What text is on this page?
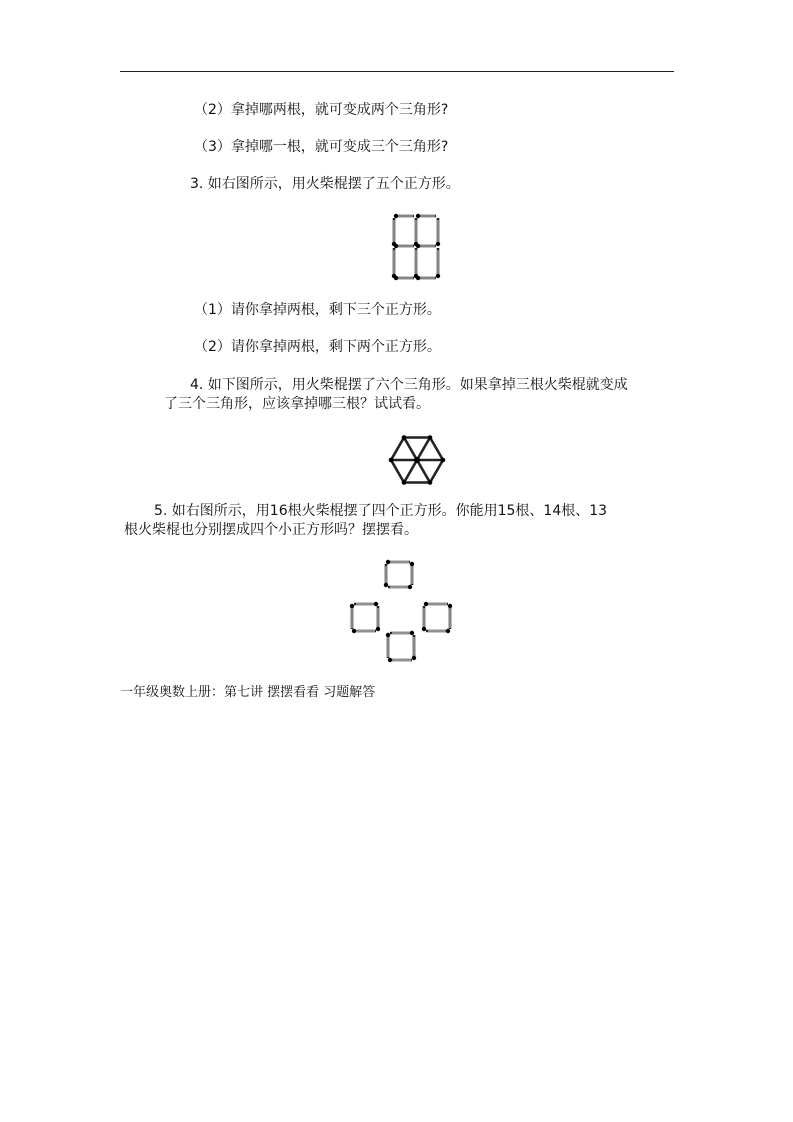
（2）拿掉哪两根，就可变成两个三角形?
（3）拿掉哪一根，就可变成三个三角形?
3. 如右图所示，用火柴棍摆了五个正方形。
（1）请你拿掉两根，剩下三个正方形。
（2）请你拿掉两根，剩下两个正方形。
4. 如下图所示，用火柴棍摆了六个三角形。如果拿掉三根火柴棍就变成
了三个三角形，应该拿掉哪三根？试试看。
5. 如右图所示，用16根火柴棍摆了四个正方形。你能用15根、14根、13
根火柴棍也分别摆成四个小正方形吗？摆摆看。
一年级奥数上册：第七讲 摆摆看看 习题解答
